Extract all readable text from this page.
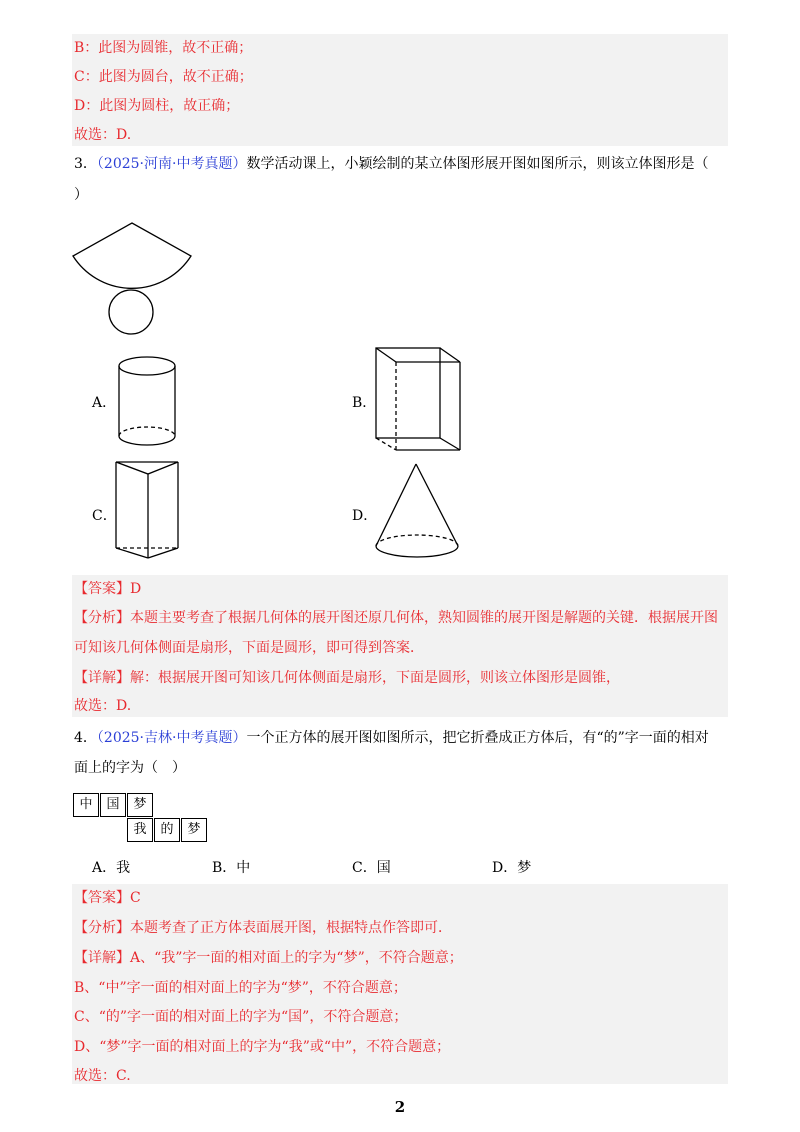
B：此图为圆锥，故不正确；
C：此图为圆台，故不正确；
D：此图为圆柱，故正确；
故选：D.
3．（2025·河南·中考真题）数学活动课上，小颖绘制的某立体图形展开图如图所示，则该立体图形是（
）
A．	B．
C．	D．
【答案】D
【分析】本题主要考查了根据几何体的展开图还原几何体，熟知圆锥的展开图是解题的关键．根据展开图
可知该几何体侧面是扇形，下面是圆形，即可得到答案．
【详解】解：根据展开图可知该几何体侧面是扇形，下面是圆形，则该立体图形是圆锥，
故选：D.
4．（2025·吉林·中考真题）一个正方体的展开图如图所示，把它折叠成正方体后，有“的”字一面的相对
面上的字为（　）
中	国	梦
我	的	梦
A．我	B．中	C．国	D．梦
【答案】C
【分析】本题考查了正方体表面展开图，根据特点作答即可．
【详解】A、“我”字一面的相对面上的字为“梦”，不符合题意；
B、“中”字一面的相对面上的字为“梦”，不符合题意；
C、“的”字一面的相对面上的字为“国”，不符合题意；
D、“梦”字一面的相对面上的字为“我”或“中”，不符合题意；
故选：C.
2
